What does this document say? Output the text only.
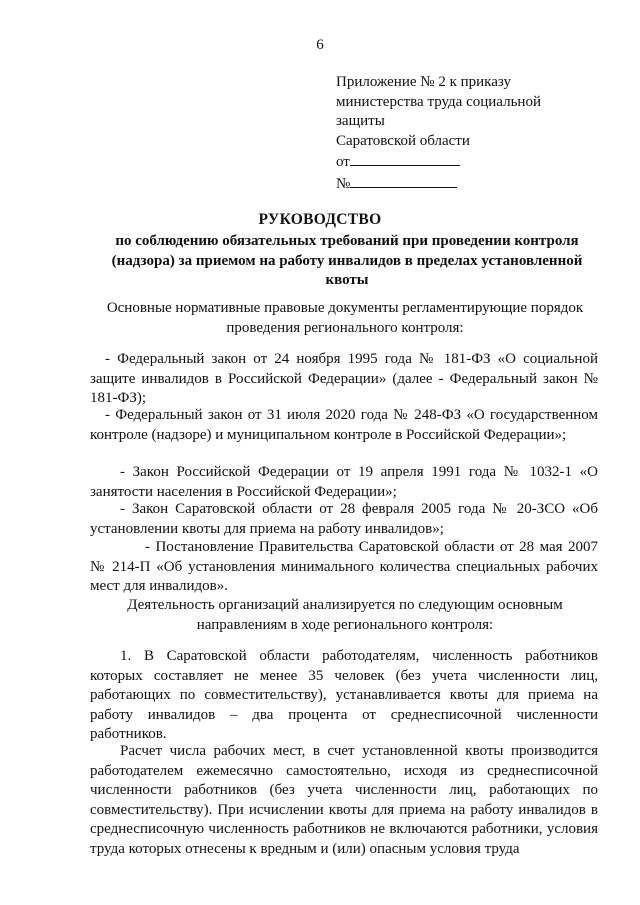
6
Приложение № 2 к приказу
министерства труда социальной
защиты
Саратовской области
от
№
РУКОВОДСТВО
по соблюдению обязательных требований при проведении контроля (надзора) за приемом на работу инвалидов в пределах установленной квоты
Основные нормативные правовые документы регламентирующие порядок проведения регионального контроля:
- Федеральный закон от 24 ноября 1995 года № 181-ФЗ «О социальной защите инвалидов в Российской Федерации» (далее - Федеральный закон № 181-ФЗ);
- Федеральный закон от 31 июля 2020 года № 248-ФЗ «О государственном контроле (надзоре) и муниципальном контроле в Российской Федерации»;
- Закон Российской Федерации от 19 апреля 1991 года № 1032-1 «О занятости населения в Российской Федерации»;
- Закон Саратовской области от 28 февраля 2005 года № 20-ЗСО «Об установлении квоты для приема на работу инвалидов»;
- Постановление Правительства Саратовской области от 28 мая 2007 № 214-П «Об установления минимального количества специальных рабочих мест для инвалидов».
Деятельность организаций анализируется по следующим основным направлениям в ходе регионального контроля:
1. В Саратовской области работодателям, численность работников которых составляет не менее 35 человек (без учета численности лиц, работающих по совместительству), устанавливается квоты для приема на работу инвалидов – два процента от среднесписочной численности работников.
Расчет числа рабочих мест, в счет установленной квоты производится работодателем ежемесячно самостоятельно, исходя из среднесписочной численности работников (без учета численности лиц, работающих по совместительству). При исчислении квоты для приема на работу инвалидов в среднесписочную численность работников не включаются работники, условия труда которых отнесены к вредным и (или) опасным условия труда
